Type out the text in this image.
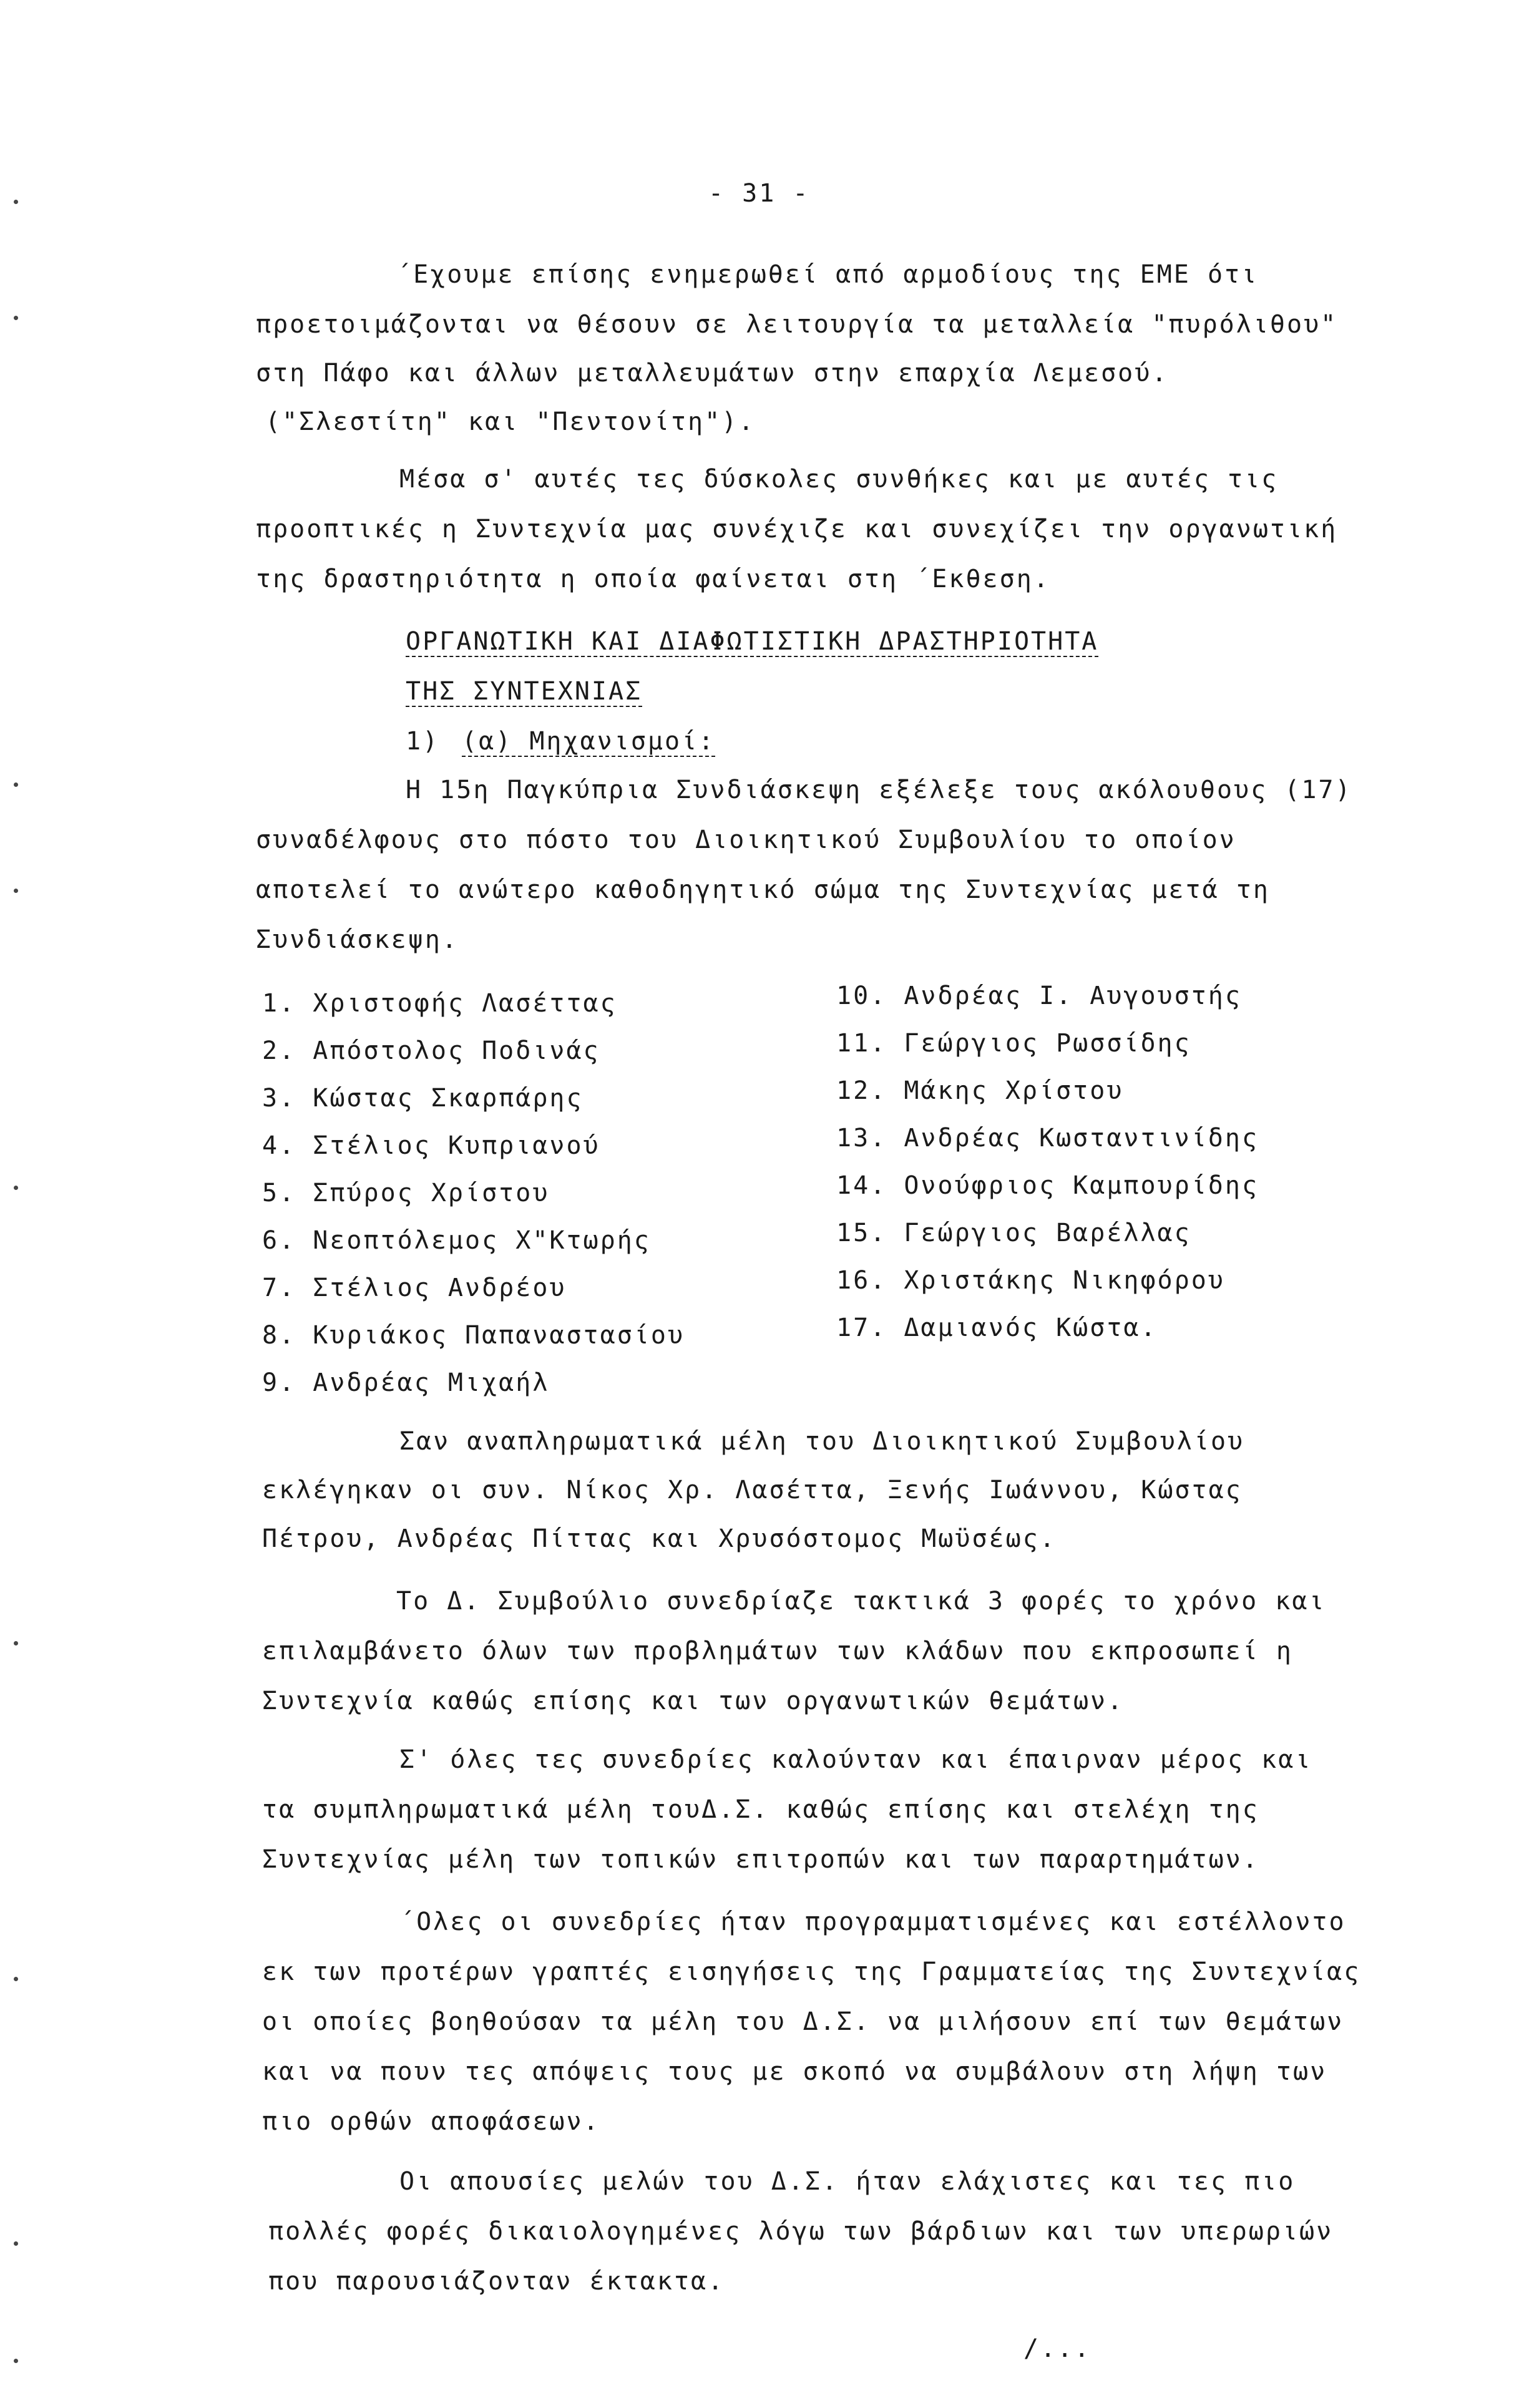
- 31 -
΄Εχουμε επίσης ενημερωθεί από αρμοδίους της ΕΜΕ ότι
προετοιμάζονται να θέσουν σε λειτουργία τα μεταλλεία "πυρόλιθου"
στη Πάφο και άλλων μεταλλευμάτων στην επαρχία Λεμεσού.
("Σλεστίτη" και "Πεντονίτη").
Μέσα σ' αυτές τες δύσκολες συνθήκες και με αυτές τις
προοπτικές η Συντεχνία μας συνέχιζε και συνεχίζει την οργανωτική
της δραστηριότητα η οποία φαίνεται στη ΄Εκθεση.
ΟΡΓΑΝΩΤΙΚΗ ΚΑΙ ΔΙΑΦΩΤΙΣΤΙΚΗ ΔΡΑΣΤΗΡΙΟΤΗΤΑ
ΤΗΣ ΣΥΝΤΕΧΝΙΑΣ
1) (α) Μηχανισμοί:
Η 15η Παγκύπρια Συνδιάσκεψη εξέλεξε τους ακόλουθους (17)
συναδέλφους στο πόστο του Διοικητικού Συμβουλίου το οποίον
αποτελεί το ανώτερο καθοδηγητικό σώμα της Συντεχνίας μετά τη
Συνδιάσκεψη.
1. Χριστοφής Λασέττας
2. Απόστολος Ποδινάς
3. Κώστας Σκαρπάρης
4. Στέλιος Κυπριανού
5. Σπύρος Χρίστου
6. Νεοπτόλεμος Χ"Κτωρής
7. Στέλιος Ανδρέου
8. Κυριάκος Παπαναστασίου
9. Ανδρέας Μιχαήλ
10. Ανδρέας Ι. Αυγουστής
11. Γεώργιος Ρωσσίδης
12. Μάκης Χρίστου
13. Ανδρέας Κωσταντινίδης
14. Ονούφριος Καμπουρίδης
15. Γεώργιος Βαρέλλας
16. Χριστάκης Νικηφόρου
17. Δαμιανός Κώστα.
Σαν αναπληρωματικά μέλη του Διοικητικού Συμβουλίου
εκλέγηκαν οι συν. Νίκος Χρ. Λασέττα, Ξενής Ιωάννου, Κώστας
Πέτρου, Ανδρέας Πίττας και Χρυσόστομος Μωϋσέως.
Το Δ. Συμβούλιο συνεδρίαζε τακτικά 3 φορές το χρόνο και
επιλαμβάνετο όλων των προβλημάτων των κλάδων που εκπροσωπεί η
Συντεχνία καθώς επίσης και των οργανωτικών θεμάτων.
Σ' όλες τες συνεδρίες καλούνταν και έπαιρναν μέρος και
τα συμπληρωματικά μέλη τουΔ.Σ. καθώς επίσης και στελέχη της
Συντεχνίας μέλη των τοπικών επιτροπών και των παραρτημάτων.
΄Ολες οι συνεδρίες ήταν προγραμματισμένες και εστέλλοντο
εκ των προτέρων γραπτές εισηγήσεις της Γραμματείας της Συντεχνίας
οι οποίες βοηθούσαν τα μέλη του Δ.Σ. να μιλήσουν επί των θεμάτων
και να πουν τες απόψεις τους με σκοπό να συμβάλουν στη λήψη των
πιο ορθών αποφάσεων.
Οι απουσίες μελών του Δ.Σ. ήταν ελάχιστες και τες πιο
πολλές φορές δικαιολογημένες λόγω των βάρδιων και των υπερωριών
που παρουσιάζονταν έκτακτα.
/...
